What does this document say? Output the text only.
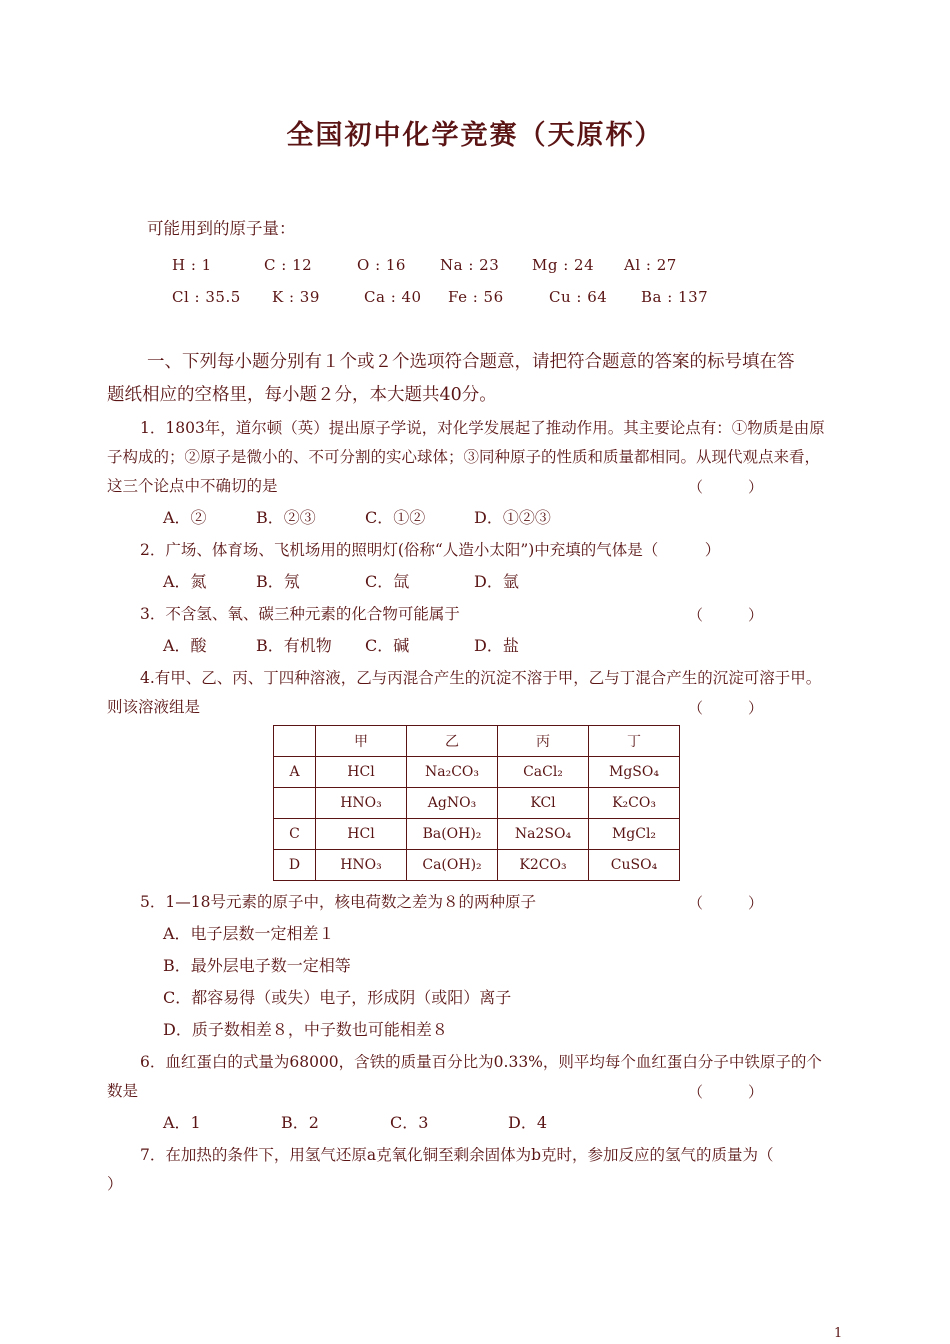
全国初中化学竞赛（天原杯）
可能用到的原子量：
H : 1	C : 12	O : 16 Na : 23 Mg : 24 Al : 27
Cl : 35.5 K : 39	Ca : 40 Fe : 56	Cu : 64 Ba : 137
一、下列每小题分别有１个或２个选项符合题意，请把符合题意的答案的标号填在答
题纸相应的空格里，每小题２分，本大题共40分。
1．1803年，道尔顿（英）提出原子学说，对化学发展起了推动作用。其主要论点有：①物质是由原
子构成的；②原子是微小的、不可分割的实心球体；③同种原子的性质和质量都相同。从现代观点来看，
这三个论点中不确切的是	（　　　）
A．②	B．②③	C．①②	D．①②③
2．广场、体育场、飞机场用的照明灯(俗称“人造小太阳”)中充填的气体是（　　　）
A．氮	B．氖	C．氙	D．氩
3．不含氢、氧、碳三种元素的化合物可能属于	（　　　）
A．酸	B．有机物 C．碱	D．盐
4.有甲、乙、丙、丁四种溶液，乙与丙混合产生的沉淀不溶于甲，乙与丁混合产生的沉淀可溶于甲。
则该溶液组是	（　　　）
	甲	乙	丙	丁
A	HCl	Na₂CO₃	CaCl₂	MgSO₄
	HNO₃	AgNO₃	KCl	K₂CO₃
C	HCl	Ba(OH)₂	Na2SO₄	MgCl₂
D	HNO₃	Ca(OH)₂	K2CO₃	CuSO₄
5．1—18号元素的原子中，核电荷数之差为８的两种原子	（　　　）
A．电子层数一定相差１
B．最外层电子数一定相等
C．都容易得（或失）电子，形成阴（或阳）离子
D．质子数相差８，中子数也可能相差８
6．血红蛋白的式量为68000，含铁的质量百分比为0.33%，则平均每个血红蛋白分子中铁原子的个
数是	（　　　）
A．1	B．2	C．3	D．4
7．在加热的条件下，用氢气还原a克氧化铜至剩余固体为b克时，参加反应的氢气的质量为（
）
1
